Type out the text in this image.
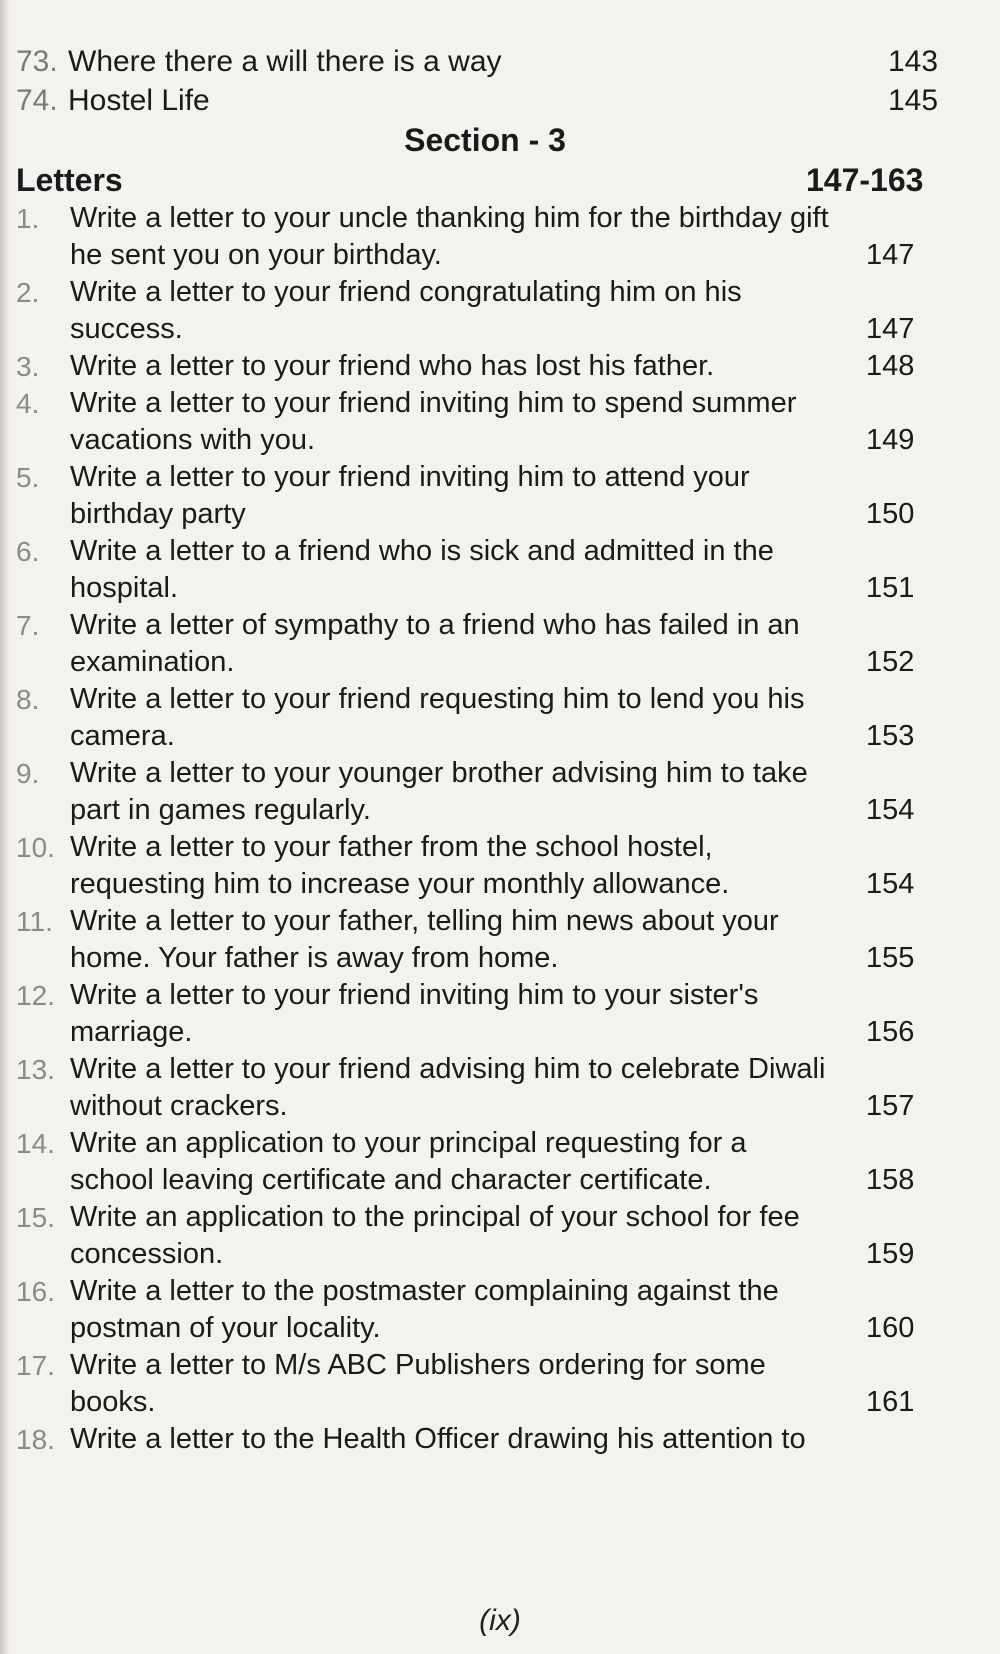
73. Where there a will there is a way	143
74. Hostel Life	145
Section - 3
Letters	147-163
1. Write a letter to your uncle thanking him for the birthday gift
he sent you on your birthday.	147
2. Write a letter to your friend congratulating him on his
success.	147
3. Write a letter to your friend who has lost his father.	148
4. Write a letter to your friend inviting him to spend summer
vacations with you.	149
5. Write a letter to your friend inviting him to attend your
birthday party	150
6. Write a letter to a friend who is sick and admitted in the
hospital.	151
7. Write a letter of sympathy to a friend who has failed in an
examination.	152
8. Write a letter to your friend requesting him to lend you his
camera.	153
9. Write a letter to your younger brother advising him to take
part in games regularly.	154
10. Write a letter to your father from the school hostel,
requesting him to increase your monthly allowance.	154
11. Write a letter to your father, telling him news about your
home. Your father is away from home.	155
12. Write a letter to your friend inviting him to your sister's
marriage.	156
13. Write a letter to your friend advising him to celebrate Diwali
without crackers.	157
14. Write an application to your principal requesting for a
school leaving certificate and character certificate.	158
15. Write an application to the principal of your school for fee
concession.	159
16. Write a letter to the postmaster complaining against the
postman of your locality.	160
17. Write a letter to M/s ABC Publishers ordering for some
books.	161
18. Write a letter to the Health Officer drawing his attention to
(ix)
